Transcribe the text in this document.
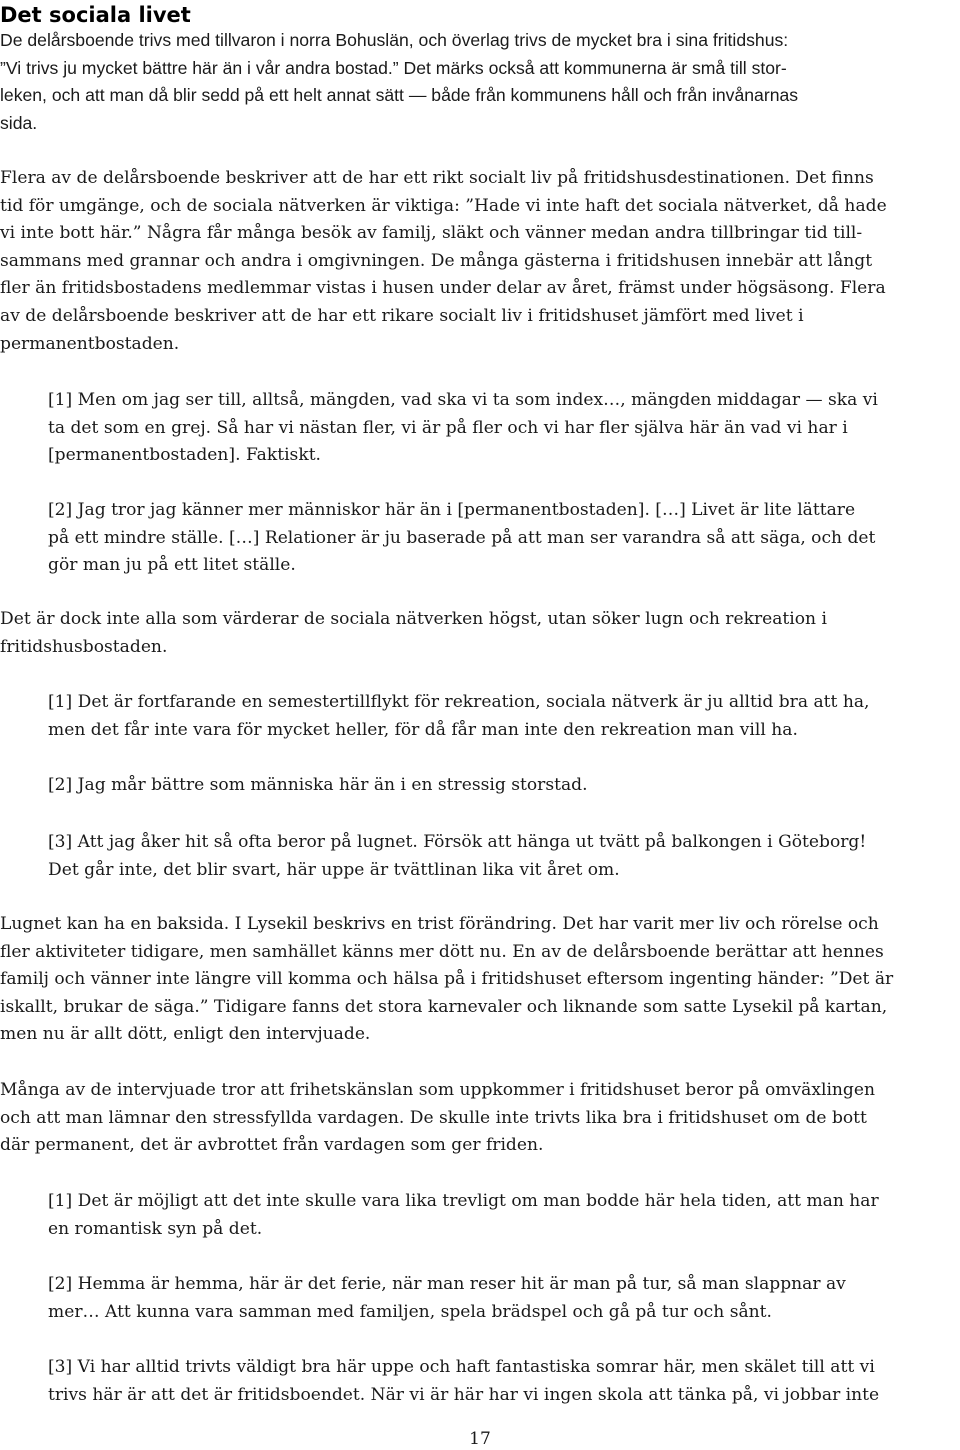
Det sociala livet

De delårsboende trivs med tillvaron i norra Bohuslän, och överlag trivs de mycket bra i sina fritidshus:
”Vi trivs ju mycket bättre här än i vår andra bostad.” Det märks också att kommunerna är små till stor-
leken, och att man då blir sedd på ett helt annat sätt — både från kommunens håll och från invånarnas
sida.

Flera av de delårsboende beskriver att de har ett rikt socialt liv på fritidshusdestinationen. Det finns
tid för umgänge, och de sociala nätverken är viktiga: ”Hade vi inte haft det sociala nätverket, då hade
vi inte bott här.” Några får många besök av familj, släkt och vänner medan andra tillbringar tid till-
sammans med grannar och andra i omgivningen. De många gästerna i fritidshusen innebär att långt
fler än fritidsbostadens medlemmar vistas i husen under delar av året, främst under högsäsong. Flera
av de delårsboende beskriver att de har ett rikare socialt liv i fritidshuset jämfört med livet i
permanentbostaden.

[1] Men om jag ser till, alltså, mängden, vad ska vi ta som index…, mängden middagar — ska vi
ta det som en grej. Så har vi nästan fler, vi är på fler och vi har fler själva här än vad vi har i
[permanentbostaden]. Faktiskt.

[2] Jag tror jag känner mer människor här än i [permanentbostaden]. […] Livet är lite lättare
på ett mindre ställe. […] Relationer är ju baserade på att man ser varandra så att säga, och det
gör man ju på ett litet ställe.

Det är dock inte alla som värderar de sociala nätverken högst, utan söker lugn och rekreation i
fritidshusbostaden.

[1] Det är fortfarande en semestertillflykt för rekreation, sociala nätverk är ju alltid bra att ha,
men det får inte vara för mycket heller, för då får man inte den rekreation man vill ha.

[2] Jag mår bättre som människa här än i en stressig storstad.

[3] Att jag åker hit så ofta beror på lugnet. Försök att hänga ut tvätt på balkongen i Göteborg!
Det går inte, det blir svart, här uppe är tvättlinan lika vit året om.

Lugnet kan ha en baksida. I Lysekil beskrivs en trist förändring. Det har varit mer liv och rörelse och
fler aktiviteter tidigare, men samhället känns mer dött nu. En av de delårsboende berättar att hennes
familj och vänner inte längre vill komma och hälsa på i fritidshuset eftersom ingenting händer: ”Det är
iskallt, brukar de säga.” Tidigare fanns det stora karnevaler och liknande som satte Lysekil på kartan,
men nu är allt dött, enligt den intervjuade.

Många av de intervjuade tror att frihetskänslan som uppkommer i fritidshuset beror på omväxlingen
och att man lämnar den stressfyllda vardagen. De skulle inte trivts lika bra i fritidshuset om de bott
där permanent, det är avbrottet från vardagen som ger friden.

[1] Det är möjligt att det inte skulle vara lika trevligt om man bodde här hela tiden, att man har
en romantisk syn på det.

[2] Hemma är hemma, här är det ferie, när man reser hit är man på tur, så man slappnar av
mer… Att kunna vara samman med familjen, spela brädspel och gå på tur och sånt.

[3] Vi har alltid trivts väldigt bra här uppe och haft fantastiska somrar här, men skälet till att vi
trivs här är att det är fritidsboendet. När vi är här har vi ingen skola att tänka på, vi jobbar inte

17
